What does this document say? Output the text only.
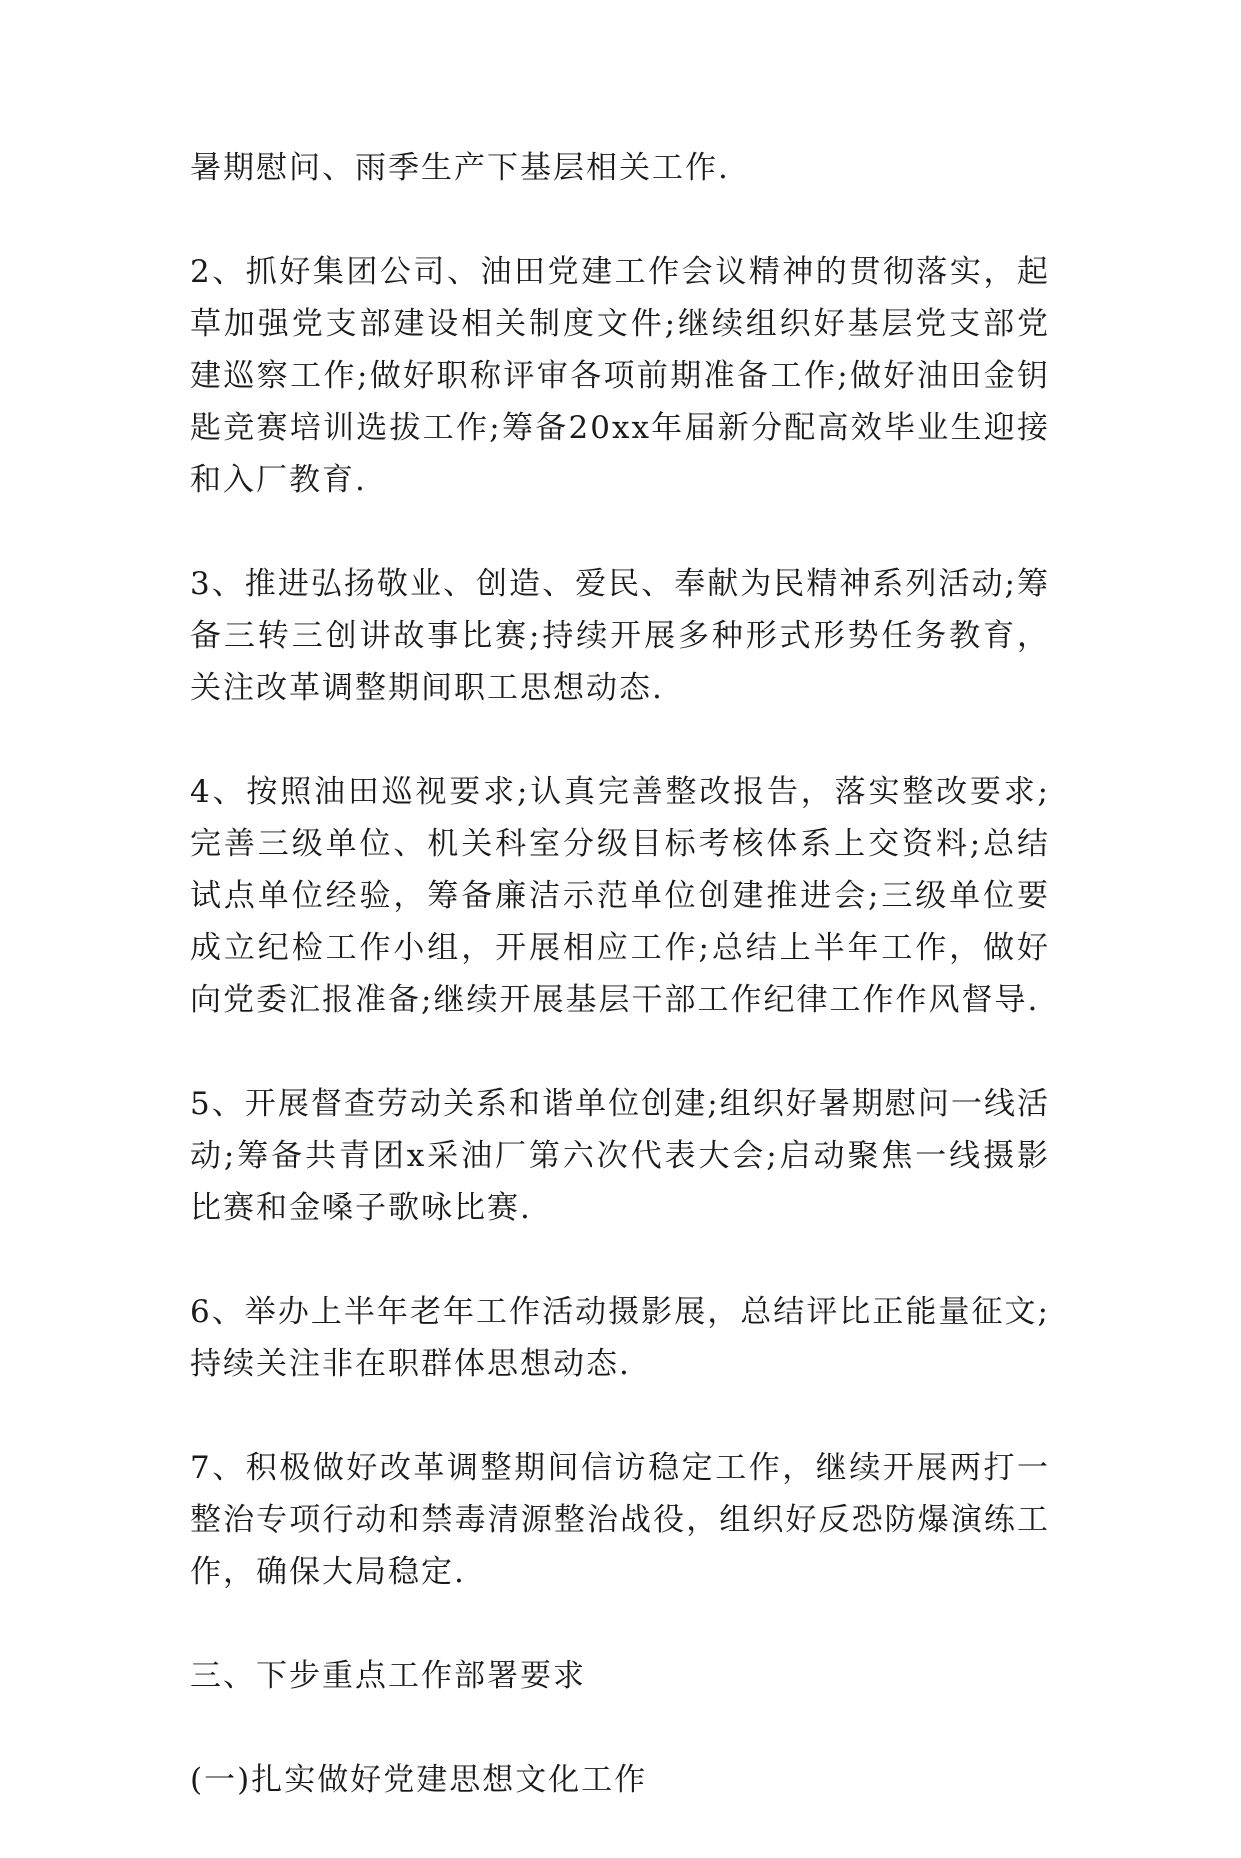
暑期慰问、雨季生产下基层相关工作.

2、抓好集团公司、油田党建工作会议精神的贯彻落实，起草加强党支部建设相关制度文件;继续组织好基层党支部党建巡察工作;做好职称评审各项前期准备工作;做好油田金钥匙竞赛培训选拔工作;筹备20xx年届新分配高效毕业生迎接和入厂教育.

3、推进弘扬敬业、创造、爱民、奉献为民精神系列活动;筹备三转三创讲故事比赛;持续开展多种形式形势任务教育，关注改革调整期间职工思想动态.

4、按照油田巡视要求;认真完善整改报告，落实整改要求;完善三级单位、机关科室分级目标考核体系上交资料;总结试点单位经验，筹备廉洁示范单位创建推进会;三级单位要成立纪检工作小组，开展相应工作;总结上半年工作，做好向党委汇报准备;继续开展基层干部工作纪律工作作风督导.

5、开展督查劳动关系和谐单位创建;组织好暑期慰问一线活动;筹备共青团x采油厂第六次代表大会;启动聚焦一线摄影比赛和金嗓子歌咏比赛.

6、举办上半年老年工作活动摄影展，总结评比正能量征文;持续关注非在职群体思想动态.

7、积极做好改革调整期间信访稳定工作，继续开展两打一整治专项行动和禁毒清源整治战役，组织好反恐防爆演练工作，确保大局稳定.

三、下步重点工作部署要求

(一)扎实做好党建思想文化工作
